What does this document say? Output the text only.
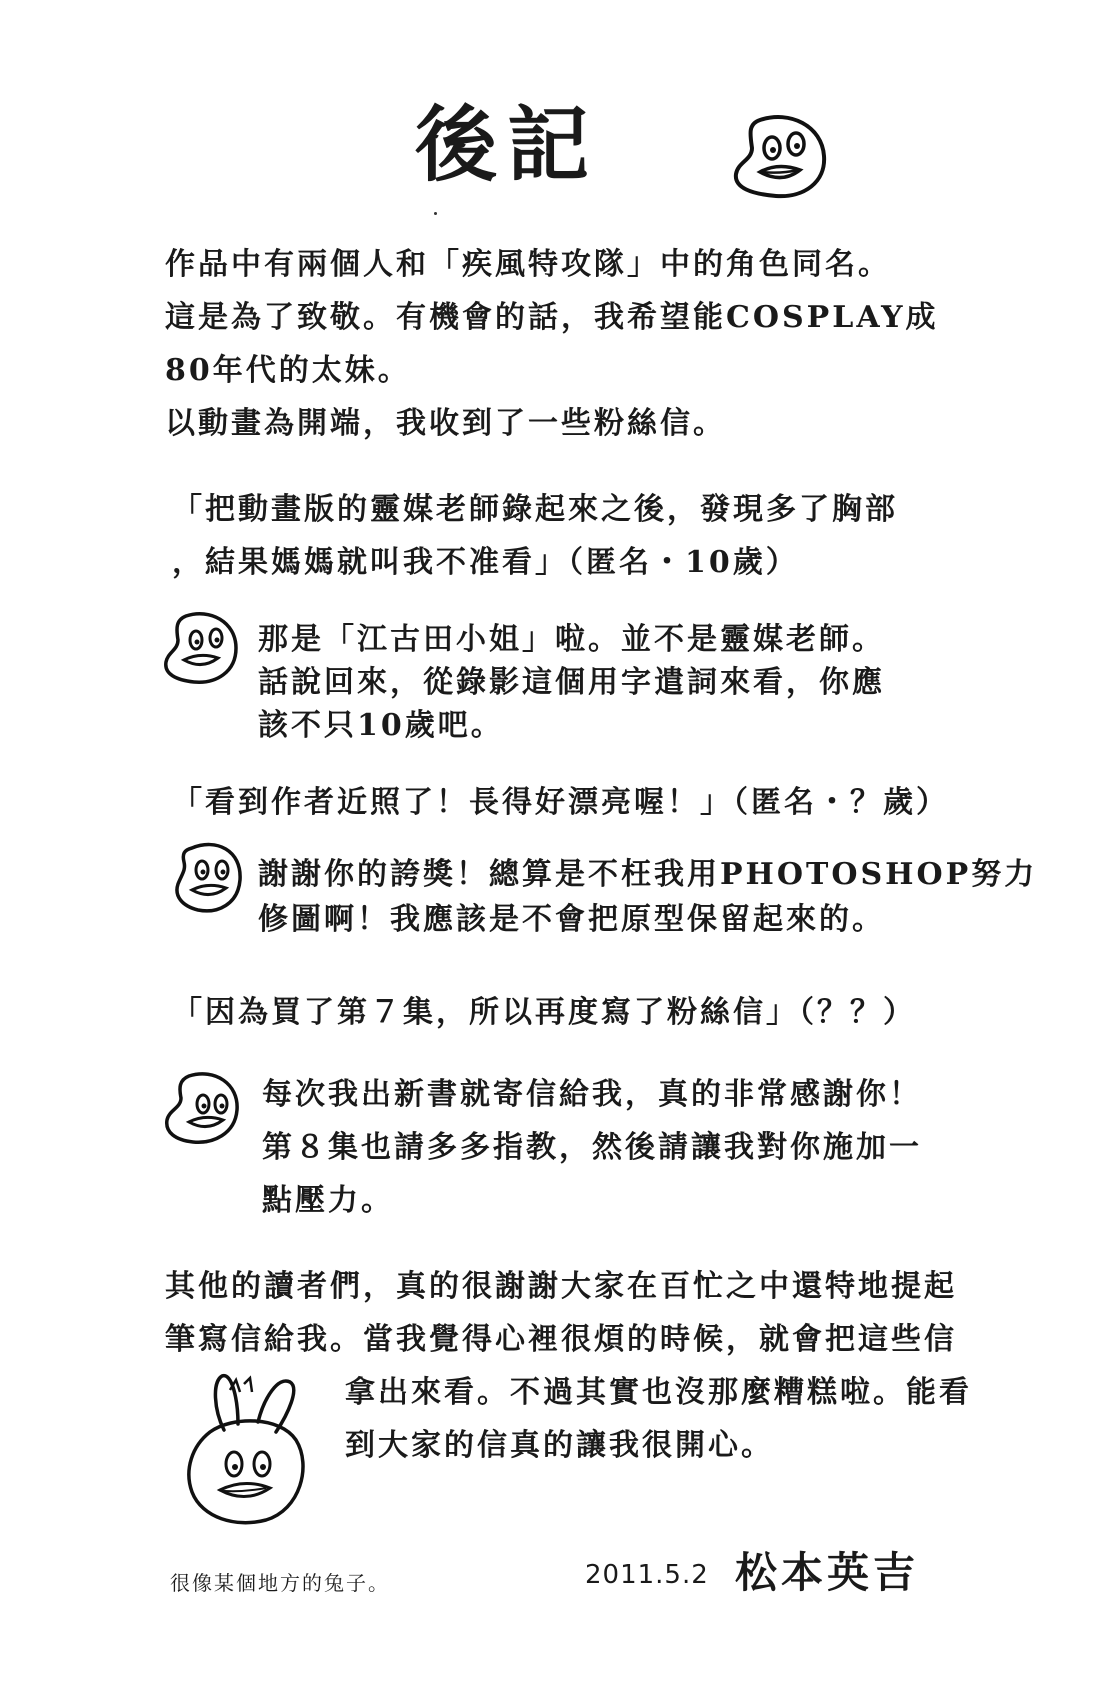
後記
作品中有兩個人和「疾風特攻隊」中的角色同名。
這是為了致敬。有機會的話，我希望能COSPLAY成
80年代的太妹。
以動畫為開端，我收到了一些粉絲信。
「把動畫版的靈媒老師錄起來之後，發現多了胸部
，結果媽媽就叫我不准看」（匿名・10歲）
那是「江古田小姐」啦。並不是靈媒老師。
話說回來，從錄影這個用字遣詞來看，你應
該不只10歲吧。
「看到作者近照了！長得好漂亮喔！」（匿名・？歲）
謝謝你的誇獎！總算是不枉我用PHOTOSHOP努力
修圖啊！我應該是不會把原型保留起來的。
「因為買了第７集，所以再度寫了粉絲信」（？？）
每次我出新書就寄信給我，真的非常感謝你！
第８集也請多多指教，然後請讓我對你施加一
點壓力。
其他的讀者們，真的很謝謝大家在百忙之中還特地提起
筆寫信給我。當我覺得心裡很煩的時候，就會把這些信
拿出來看。不過其實也沒那麼糟糕啦。能看
到大家的信真的讓我很開心。
很像某個地方的兔子。	2011.5.2 松本英吉
